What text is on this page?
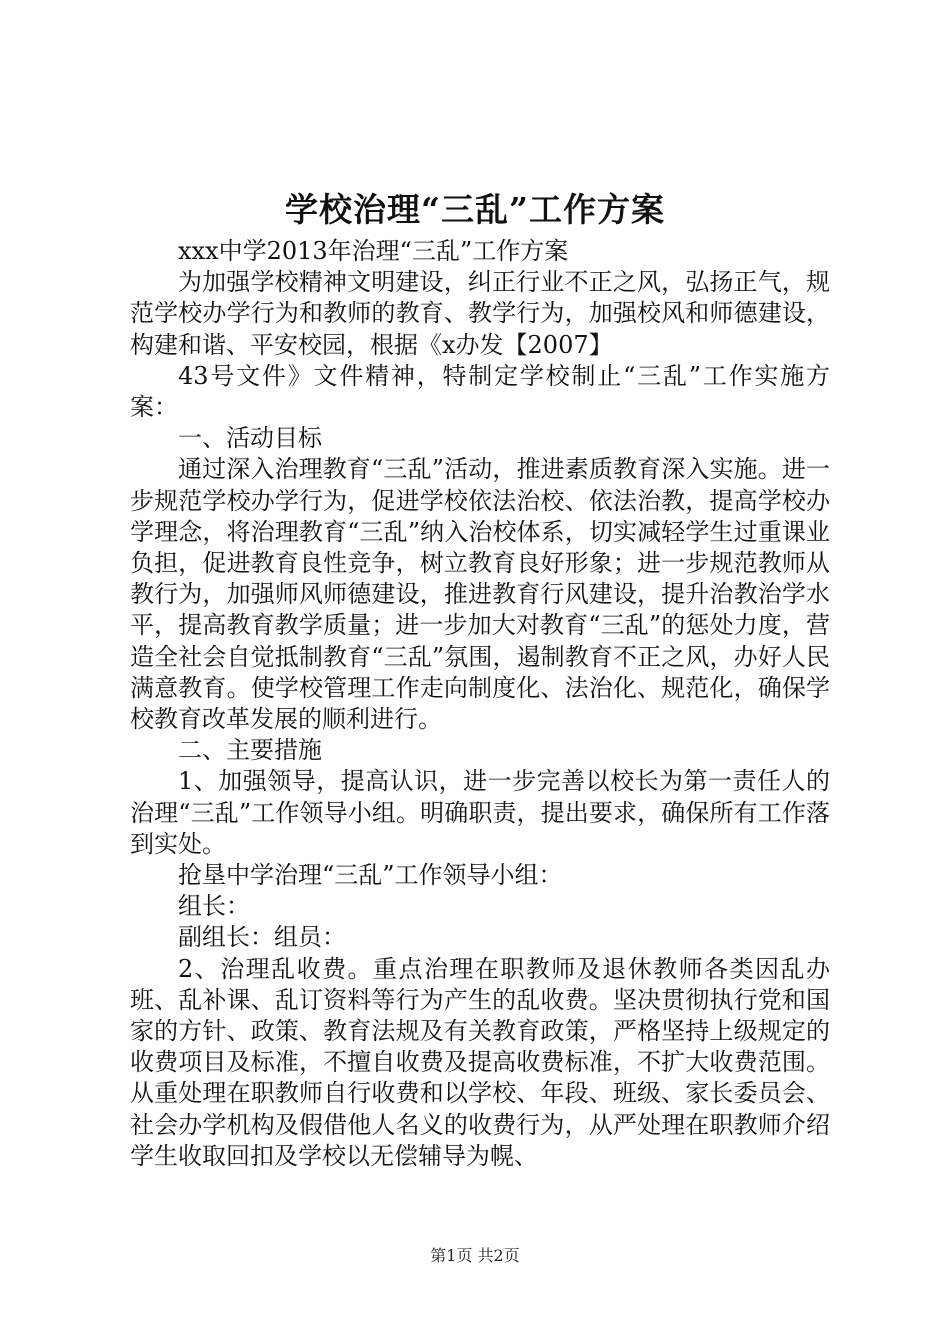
学校治理“三乱”工作方案

xxx中学2013年治理“三乱”工作方案

为加强学校精神文明建设，纠正行业不正之风，弘扬正气，规范学校办学行为和教师的教育、教学行为，加强校风和师德建设，构建和谐、平安校园，根据《x办发【2007】

43号文件》文件精神，特制定学校制止“三乱”工作实施方案：

一、活动目标

通过深入治理教育“三乱”活动，推进素质教育深入实施。进一步规范学校办学行为，促进学校依法治校、依法治教，提高学校办学理念，将治理教育“三乱”纳入治校体系，切实减轻学生过重课业负担，促进教育良性竞争，树立教育良好形象；进一步规范教师从教行为，加强师风师德建设，推进教育行风建设，提升治教治学水平，提高教育教学质量；进一步加大对教育“三乱”的惩处力度，营造全社会自觉抵制教育“三乱”氛围，遏制教育不正之风，办好人民满意教育。使学校管理工作走向制度化、法治化、规范化，确保学校教育改革发展的顺利进行。

二、主要措施

1、加强领导，提高认识，进一步完善以校长为第一责任人的治理“三乱”工作领导小组。明确职责，提出要求，确保所有工作落到实处。

抢垦中学治理“三乱”工作领导小组：

组长：

副组长：组员：

2、治理乱收费。重点治理在职教师及退休教师各类因乱办班、乱补课、乱订资料等行为产生的乱收费。坚决贯彻执行党和国家的方针、政策、教育法规及有关教育政策，严格坚持上级规定的收费项目及标准，不擅自收费及提高收费标准，不扩大收费范围。从重处理在职教师自行收费和以学校、年段、班级、家长委员会、社会办学机构及假借他人名义的收费行为，从严处理在职教师介绍学生收取回扣及学校以无偿辅导为幌、

第1页 共2页
